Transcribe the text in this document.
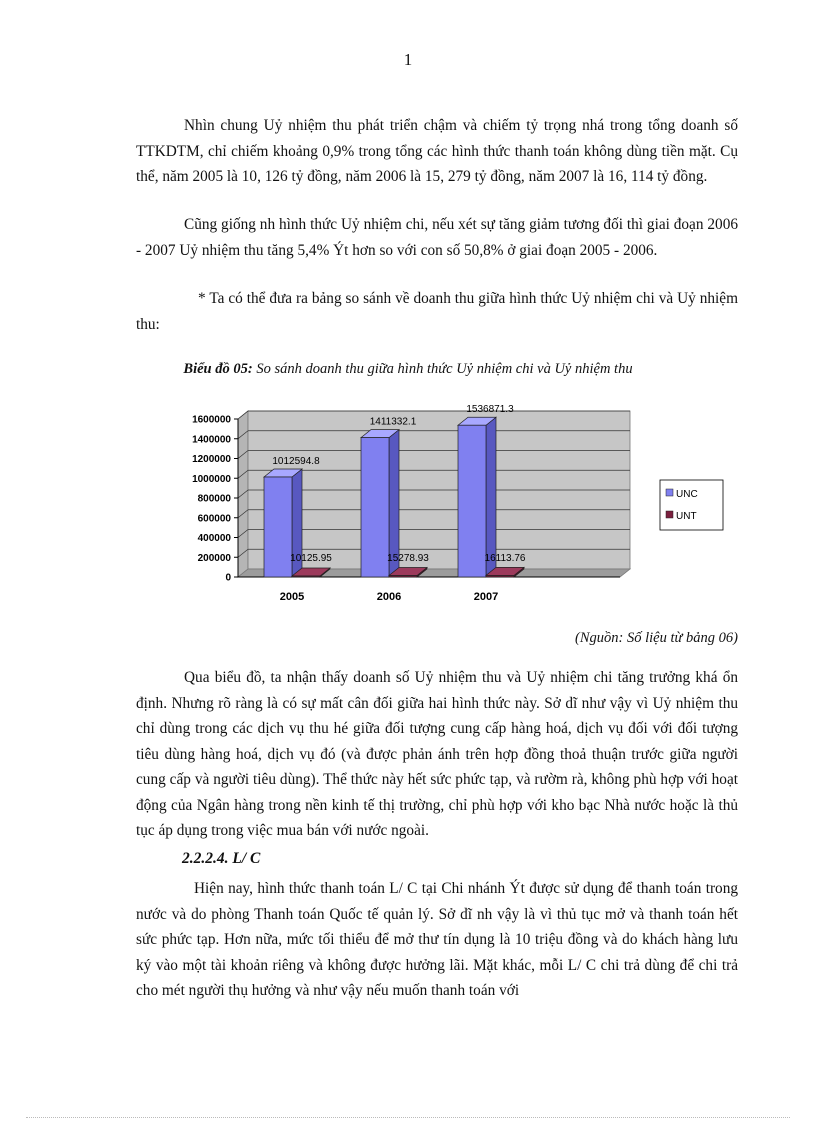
1

Nhìn chung Uỷ nhiệm thu phát triển chậm và chiếm tỷ trọng nhá trong tổng doanh số TTKDTM, chỉ chiếm khoảng 0,9% trong tổng các hình thức thanh toán không dùng tiền mặt. Cụ thể, năm 2005 là 10, 126 tỷ đồng, năm 2006 là 15, 279 tỷ đồng, năm 2007 là 16, 114 tỷ đồng.

Cũng giống nh hình thức Uỷ nhiệm chi, nếu xét sự tăng giảm tương đối thì giai đoạn 2006 - 2007 Uỷ nhiệm thu tăng 5,4% Ýt hơn so với con số 50,8% ở giai đoạn 2005 - 2006.

* Ta có thể đưa ra bảng so sánh về doanh thu giữa hình thức Uỷ nhiệm chi và Uỷ nhiệm thu:

Biểu đồ 05: So sánh doanh thu giữa hình thức Uỷ nhiệm chi và Uỷ nhiệm thu
0
200000
400000
600000
800000
1000000
1200000
1400000
1600000
1012594.8
10125.95
2005
1411332.1
15278.93
2006
1536871.3
16113.76
2007
UNC
UNT
(Nguồn: Số liệu từ bảng 06)

Qua biểu đồ, ta nhận thấy doanh số Uỷ nhiệm thu và Uỷ nhiệm chi tăng trưởng khá ổn định. Nhưng rõ ràng là có sự mất cân đối giữa hai hình thức này. Sở dĩ như vậy vì Uỷ nhiệm thu chỉ dùng trong các dịch vụ thu hé giữa đối tượng cung cấp hàng hoá, dịch vụ đối với đối tượng tiêu dùng hàng hoá, dịch vụ đó (và được phản ánh trên hợp đồng thoả thuận trước giữa người cung cấp và người tiêu dùng). Thể thức này hết sức phức tạp, và rườm rà, không phù hợp với hoạt động của Ngân hàng trong nền kinh tế thị trường, chỉ phù hợp với kho bạc Nhà nước hoặc là thủ tục áp dụng trong việc mua bán với nước ngoài.

2.2.2.4. L/ C

Hiện nay, hình thức thanh toán L/ C tại Chi nhánh Ýt được sử dụng để thanh toán trong nước và do phòng Thanh toán Quốc tế quản lý. Sở dĩ nh vậy là vì thủ tục mở và thanh toán hết sức phức tạp. Hơn nữa, mức tối thiểu để mở thư tín dụng là 10 triệu đồng và do khách hàng lưu ký vào một tài khoản riêng và không được hưởng lãi. Mặt khác, mỗi L/ C chi trả dùng để chi trả cho mét người thụ hưởng và như vậy nếu muốn thanh toán với
